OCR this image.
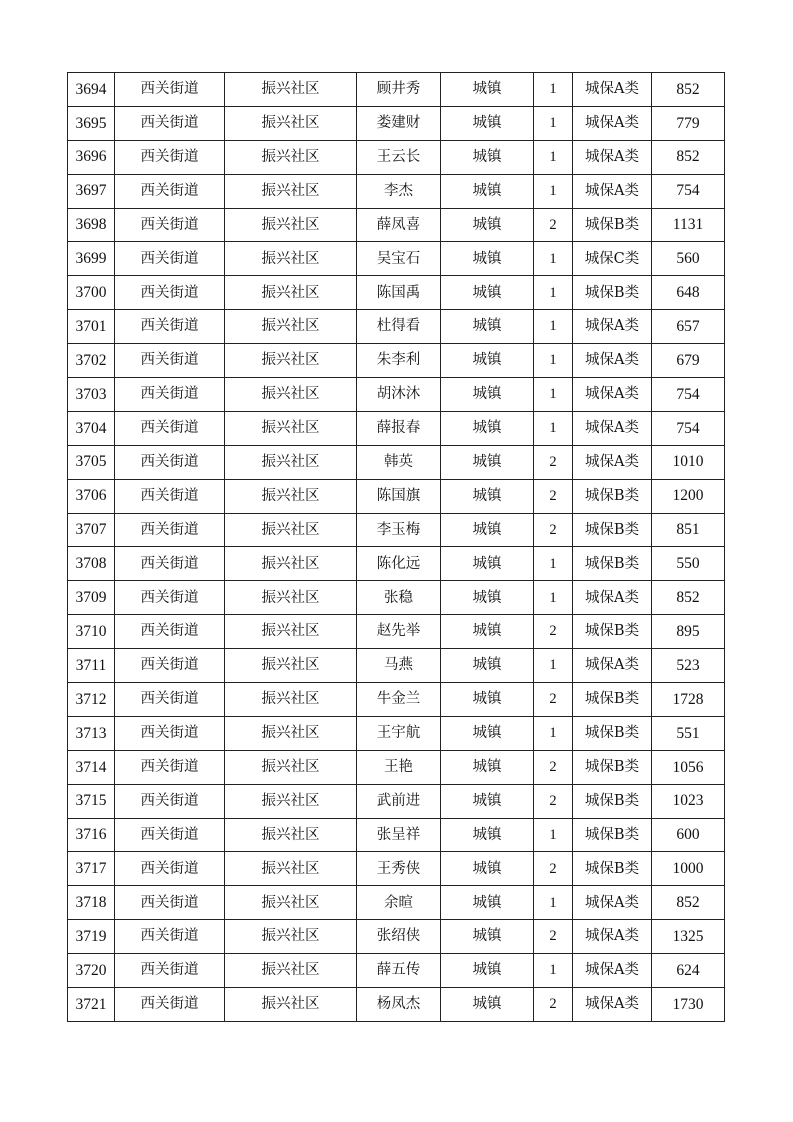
3694	西关街道	振兴社区	顾井秀	城镇	1	城保A类	852
3695	西关街道	振兴社区	娄建财	城镇	1	城保A类	779
3696	西关街道	振兴社区	王云长	城镇	1	城保A类	852
3697	西关街道	振兴社区	李杰	城镇	1	城保A类	754
3698	西关街道	振兴社区	薛凤喜	城镇	2	城保B类	1131
3699	西关街道	振兴社区	吴宝石	城镇	1	城保C类	560
3700	西关街道	振兴社区	陈国禹	城镇	1	城保B类	648
3701	西关街道	振兴社区	杜得看	城镇	1	城保A类	657
3702	西关街道	振兴社区	朱李利	城镇	1	城保A类	679
3703	西关街道	振兴社区	胡沐沐	城镇	1	城保A类	754
3704	西关街道	振兴社区	薛报春	城镇	1	城保A类	754
3705	西关街道	振兴社区	韩英	城镇	2	城保A类	1010
3706	西关街道	振兴社区	陈国旗	城镇	2	城保B类	1200
3707	西关街道	振兴社区	李玉梅	城镇	2	城保B类	851
3708	西关街道	振兴社区	陈化远	城镇	1	城保B类	550
3709	西关街道	振兴社区	张稳	城镇	1	城保A类	852
3710	西关街道	振兴社区	赵先举	城镇	2	城保B类	895
3711	西关街道	振兴社区	马燕	城镇	1	城保A类	523
3712	西关街道	振兴社区	牛金兰	城镇	2	城保B类	1728
3713	西关街道	振兴社区	王宇航	城镇	1	城保B类	551
3714	西关街道	振兴社区	王艳	城镇	2	城保B类	1056
3715	西关街道	振兴社区	武前进	城镇	2	城保B类	1023
3716	西关街道	振兴社区	张呈祥	城镇	1	城保B类	600
3717	西关街道	振兴社区	王秀侠	城镇	2	城保B类	1000
3718	西关街道	振兴社区	余暄	城镇	1	城保A类	852
3719	西关街道	振兴社区	张绍侠	城镇	2	城保A类	1325
3720	西关街道	振兴社区	薛五传	城镇	1	城保A类	624
3721	西关街道	振兴社区	杨凤杰	城镇	2	城保A类	1730
